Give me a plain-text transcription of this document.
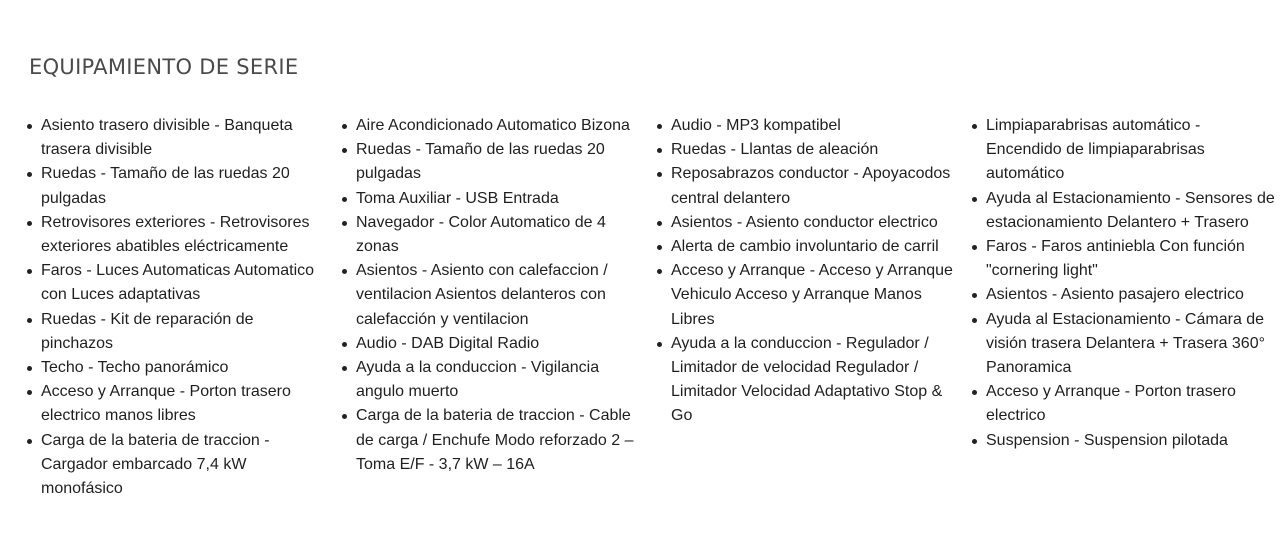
EQUIPAMIENTO DE SERIE
Asiento trasero divisible - Banqueta trasera divisible
Ruedas - Tamaño de las ruedas 20 pulgadas
Retrovisores exteriores - Retrovisores exteriores abatibles eléctricamente
Faros - Luces Automaticas Automatico con Luces adaptativas
Ruedas - Kit de reparación de pinchazos
Techo - Techo panorámico
Acceso y Arranque - Porton trasero electrico manos libres
Carga de la bateria de traccion - Cargador embarcado 7,4 kW monofásico
Aire Acondicionado Automatico Bizona
Ruedas - Tamaño de las ruedas 20 pulgadas
Toma Auxiliar - USB Entrada
Navegador - Color Automatico de 4 zonas
Asientos - Asiento con calefaccion / ventilacion Asientos delanteros con calefacción y ventilacion
Audio - DAB Digital Radio
Ayuda a la conduccion - Vigilancia angulo muerto
Carga de la bateria de traccion - Cable de carga / Enchufe Modo reforzado 2 – Toma E/F - 3,7 kW – 16A
Audio - MP3 kompatibel
Ruedas - Llantas de aleación
Reposabrazos conductor - Apoyacodos central delantero
Asientos - Asiento conductor electrico
Alerta de cambio involuntario de carril
Acceso y Arranque - Acceso y Arranque Vehiculo Acceso y Arranque Manos Libres
Ayuda a la conduccion - Regulador / Limitador de velocidad Regulador / Limitador Velocidad Adaptativo Stop & Go
Limpiaparabrisas automático - Encendido de limpiaparabrisas automático
Ayuda al Estacionamiento - Sensores de estacionamiento Delantero + Trasero
Faros - Faros antiniebla Con función "cornering light"
Asientos - Asiento pasajero electrico
Ayuda al Estacionamiento - Cámara de visión trasera Delantera + Trasera 360° Panoramica
Acceso y Arranque - Porton trasero electrico
Suspension - Suspension pilotada
